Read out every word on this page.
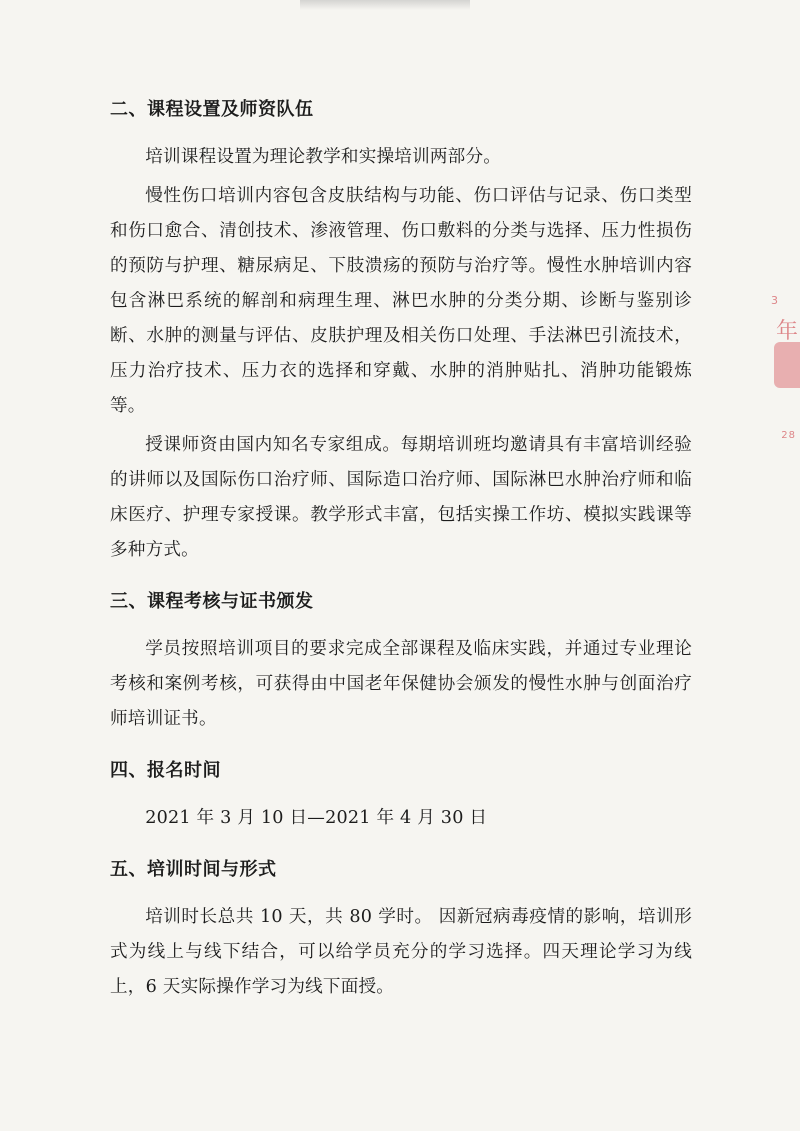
二、课程设置及师资队伍

培训课程设置为理论教学和实操培训两部分。

慢性伤口培训内容包含皮肤结构与功能、伤口评估与记录、伤口类型和伤口愈合、清创技术、渗液管理、伤口敷料的分类与选择、压力性损伤的预防与护理、糖尿病足、下肢溃疡的预防与治疗等。慢性水肿培训内容包含淋巴系统的解剖和病理生理、淋巴水肿的分类分期、诊断与鉴别诊断、水肿的测量与评估、皮肤护理及相关伤口处理、手法淋巴引流技术，压力治疗技术、压力衣的选择和穿戴、水肿的消肿贴扎、消肿功能锻炼等。

授课师资由国内知名专家组成。每期培训班均邀请具有丰富培训经验的讲师以及国际伤口治疗师、国际造口治疗师、国际淋巴水肿治疗师和临床医疗、护理专家授课。教学形式丰富，包括实操工作坊、模拟实践课等多种方式。

三、课程考核与证书颁发

学员按照培训项目的要求完成全部课程及临床实践，并通过专业理论考核和案例考核，可获得由中国老年保健协会颁发的慢性水肿与创面治疗师培训证书。

四、报名时间

2021 年 3 月 10 日—2021 年 4 月 30 日

五、培训时间与形式

培训时长总共 10 天，共 80 学时。 因新冠病毒疫情的影响，培训形式为线上与线下结合，可以给学员充分的学习选择。四天理论学习为线上，6 天实际操作学习为线下面授。

3
年
28
